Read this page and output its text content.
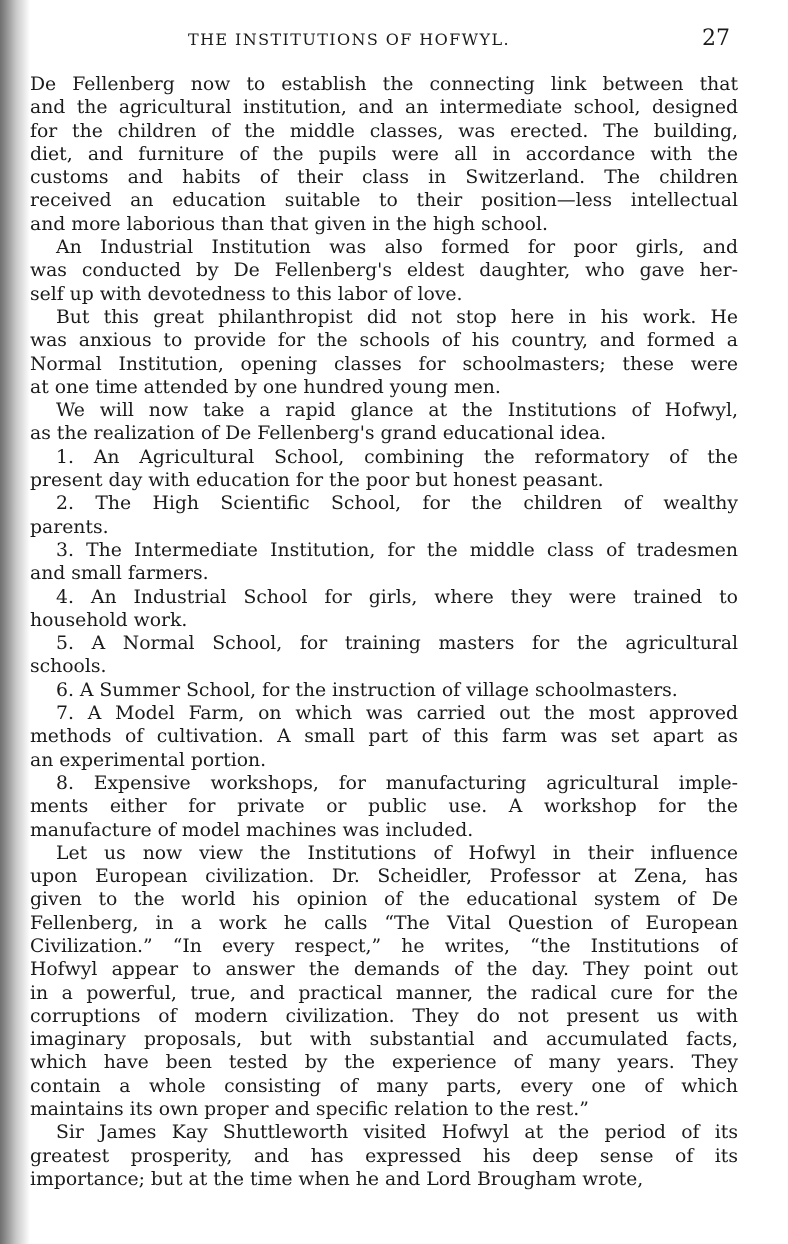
THE INSTITUTIONS OF HOFWYL.	27
De Fellenberg now to establish the connecting link between that
and the agricultural institution, and an intermediate school, designed
for the children of the middle classes, was erected. The building,
diet, and furniture of the pupils were all in accordance with the
customs and habits of their class in Switzerland. The children
received an education suitable to their position—less intellectual
and more laborious than that given in the high school.
An Industrial Institution was also formed for poor girls, and
was conducted by De Fellenberg's eldest daughter, who gave her-
self up with devotedness to this labor of love.
But this great philanthropist did not stop here in his work. He
was anxious to provide for the schools of his country, and formed a
Normal Institution, opening classes for schoolmasters; these were
at one time attended by one hundred young men.
We will now take a rapid glance at the Institutions of Hofwyl,
as the realization of De Fellenberg's grand educational idea.
1. An Agricultural School, combining the reformatory of the
present day with education for the poor but honest peasant.
2. The High Scientific School, for the children of wealthy
parents.
3. The Intermediate Institution, for the middle class of tradesmen
and small farmers.
4. An Industrial School for girls, where they were trained to
household work.
5. A Normal School, for training masters for the agricultural
schools.
6. A Summer School, for the instruction of village schoolmasters.
7. A Model Farm, on which was carried out the most approved
methods of cultivation. A small part of this farm was set apart as
an experimental portion.
8. Expensive workshops, for manufacturing agricultural imple-
ments either for private or public use. A workshop for the
manufacture of model machines was included.
Let us now view the Institutions of Hofwyl in their influence
upon European civilization. Dr. Scheidler, Professor at Zena, has
given to the world his opinion of the educational system of De
Fellenberg, in a work he calls “The Vital Question of European
Civilization.” “In every respect,” he writes, “the Institutions of
Hofwyl appear to answer the demands of the day. They point out
in a powerful, true, and practical manner, the radical cure for the
corruptions of modern civilization. They do not present us with
imaginary proposals, but with substantial and accumulated facts,
which have been tested by the experience of many years. They
contain a whole consisting of many parts, every one of which
maintains its own proper and specific relation to the rest.”
Sir James Kay Shuttleworth visited Hofwyl at the period of its
greatest prosperity, and has expressed his deep sense of its
importance; but at the time when he and Lord Brougham wrote,
